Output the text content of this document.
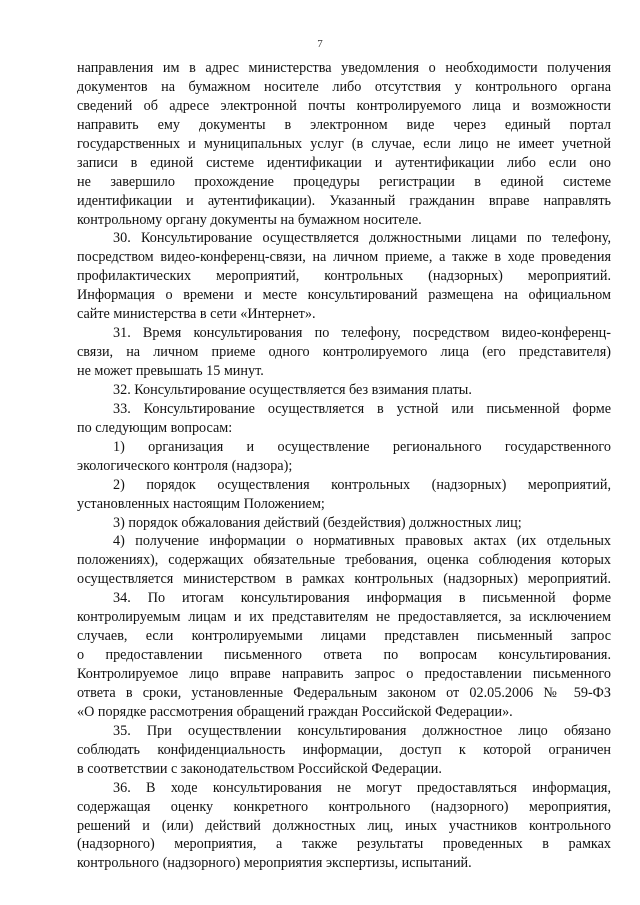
7
направления им в адрес министерства уведомления о необходимости получения
документов на бумажном носителе либо отсутствия у контрольного органа
сведений об адресе электронной почты контролируемого лица и возможности
направить ему документы в электронном виде через единый портал
государственных и муниципальных услуг (в случае, если лицо не имеет учетной
записи в единой системе идентификации и аутентификации либо если оно
не завершило прохождение процедуры регистрации в единой системе
идентификации и аутентификации). Указанный гражданин вправе направлять
контрольному органу документы на бумажном носителе.
30. Консультирование осуществляется должностными лицами по телефону,
посредством видео-конференц-связи, на личном приеме, а также в ходе проведения
профилактических мероприятий, контрольных (надзорных) мероприятий.
Информация о времени и месте консультирований размещена на официальном
сайте министерства в сети «Интернет».
31. Время консультирования по телефону, посредством видео-конференц-
связи, на личном приеме одного контролируемого лица (его представителя)
не может превышать 15 минут.
32. Консультирование осуществляется без взимания платы.
33. Консультирование осуществляется в устной или письменной форме
по следующим вопросам:
1) организация и осуществление регионального государственного
экологического контроля (надзора);
2) порядок осуществления контрольных (надзорных) мероприятий,
установленных настоящим Положением;
3) порядок обжалования действий (бездействия) должностных лиц;
4) получение информации о нормативных правовых актах (их отдельных
положениях), содержащих обязательные требования, оценка соблюдения которых
осуществляется министерством в рамках контрольных (надзорных) мероприятий.
34. По итогам консультирования информация в письменной форме
контролируемым лицам и их представителям не предоставляется, за исключением
случаев, если контролируемыми лицами представлен письменный запрос
о предоставлении письменного ответа по вопросам консультирования.
Контролируемое лицо вправе направить запрос о предоставлении письменного
ответа в сроки, установленные Федеральным законом от 02.05.2006 № 59-ФЗ
«О порядке рассмотрения обращений граждан Российской Федерации».
35. При осуществлении консультирования должностное лицо обязано
соблюдать конфиденциальность информации, доступ к которой ограничен
в соответствии с законодательством Российской Федерации.
36. В ходе консультирования не могут предоставляться информация,
содержащая оценку конкретного контрольного (надзорного) мероприятия,
решений и (или) действий должностных лиц, иных участников контрольного
(надзорного) мероприятия, а также результаты проведенных в рамках
контрольного (надзорного) мероприятия экспертизы, испытаний.
